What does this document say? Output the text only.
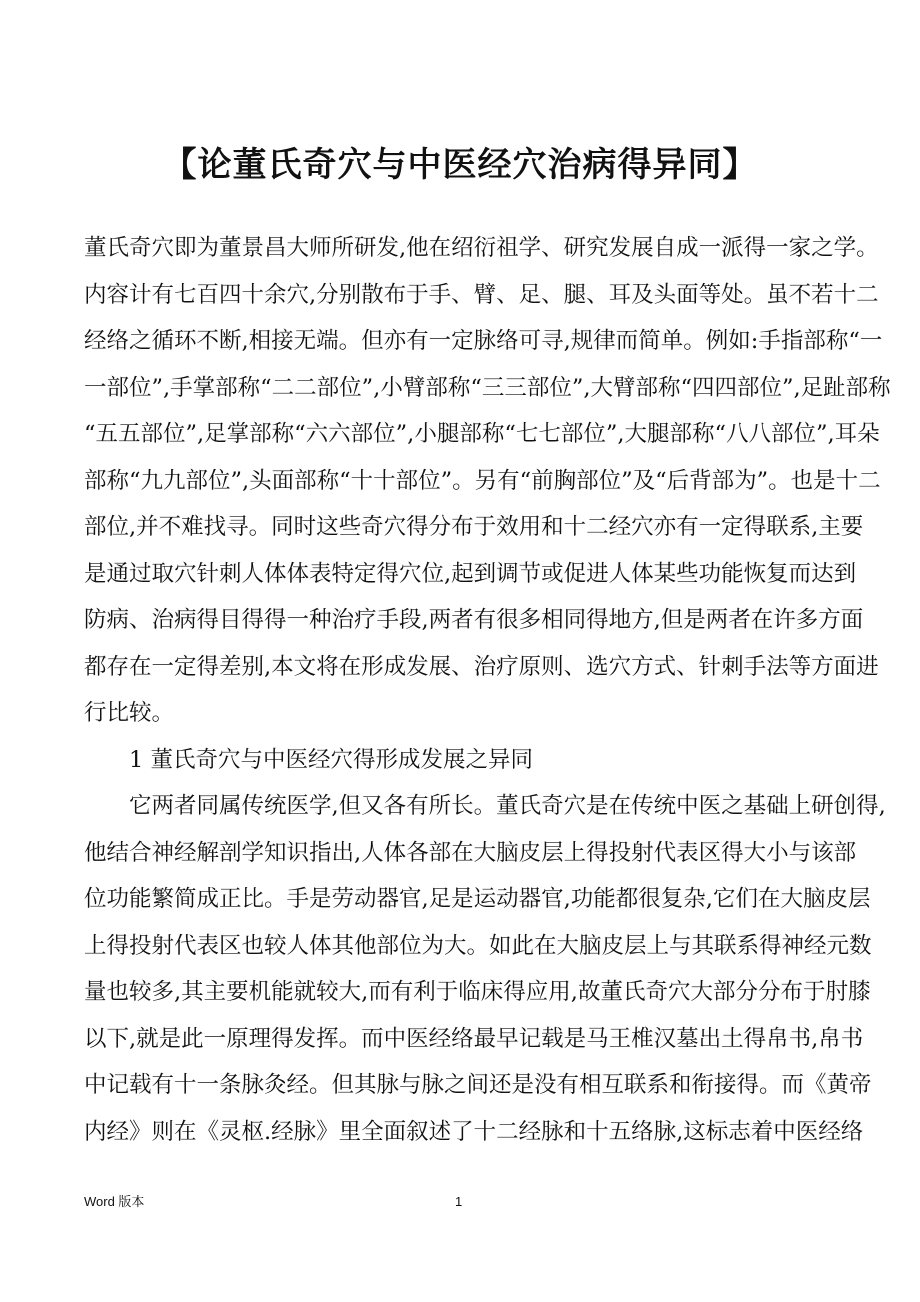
【论董氏奇穴与中医经穴治病得异同】
董氏奇穴即为董景昌大师所研发,他在绍衍祖学、研究发展自成一派得一家之学。
内容计有七百四十余穴,分别散布于手、臂、足、腿、耳及头面等处。虽不若十二
经络之循环不断,相接无端。但亦有一定脉络可寻,规律而简单。例如:手指部称“一
一部位”,手掌部称“二二部位”,小臂部称“三三部位”,大臂部称“四四部位”,足趾部称
“五五部位”,足掌部称“六六部位”,小腿部称“七七部位”,大腿部称“八八部位”,耳朵
部称“九九部位”,头面部称“十十部位”。另有“前胸部位”及“后背部为”。也是十二
部位,并不难找寻。同时这些奇穴得分布于效用和十二经穴亦有一定得联系,主要
是通过取穴针刺人体体表特定得穴位,起到调节或促进人体某些功能恢复而达到
防病、治病得目得得一种治疗手段,两者有很多相同得地方,但是两者在许多方面
都存在一定得差别,本文将在形成发展、治疗原则、选穴方式、针刺手法等方面进
行比较。
1 董氏奇穴与中医经穴得形成发展之异同
它两者同属传统医学,但又各有所长。董氏奇穴是在传统中医之基础上研创得,
他结合神经解剖学知识指出,人体各部在大脑皮层上得投射代表区得大小与该部
位功能繁简成正比。手是劳动器官,足是运动器官,功能都很复杂,它们在大脑皮层
上得投射代表区也较人体其他部位为大。如此在大脑皮层上与其联系得神经元数
量也较多,其主要机能就较大,而有利于临床得应用,故董氏奇穴大部分分布于肘膝
以下,就是此一原理得发挥。而中医经络最早记载是马王椎汉墓出土得帛书,帛书
中记载有十一条脉灸经。但其脉与脉之间还是没有相互联系和衔接得。而《黄帝
内经》则在《灵枢.经脉》里全面叙述了十二经脉和十五络脉,这标志着中医经络
Word 版本	1
